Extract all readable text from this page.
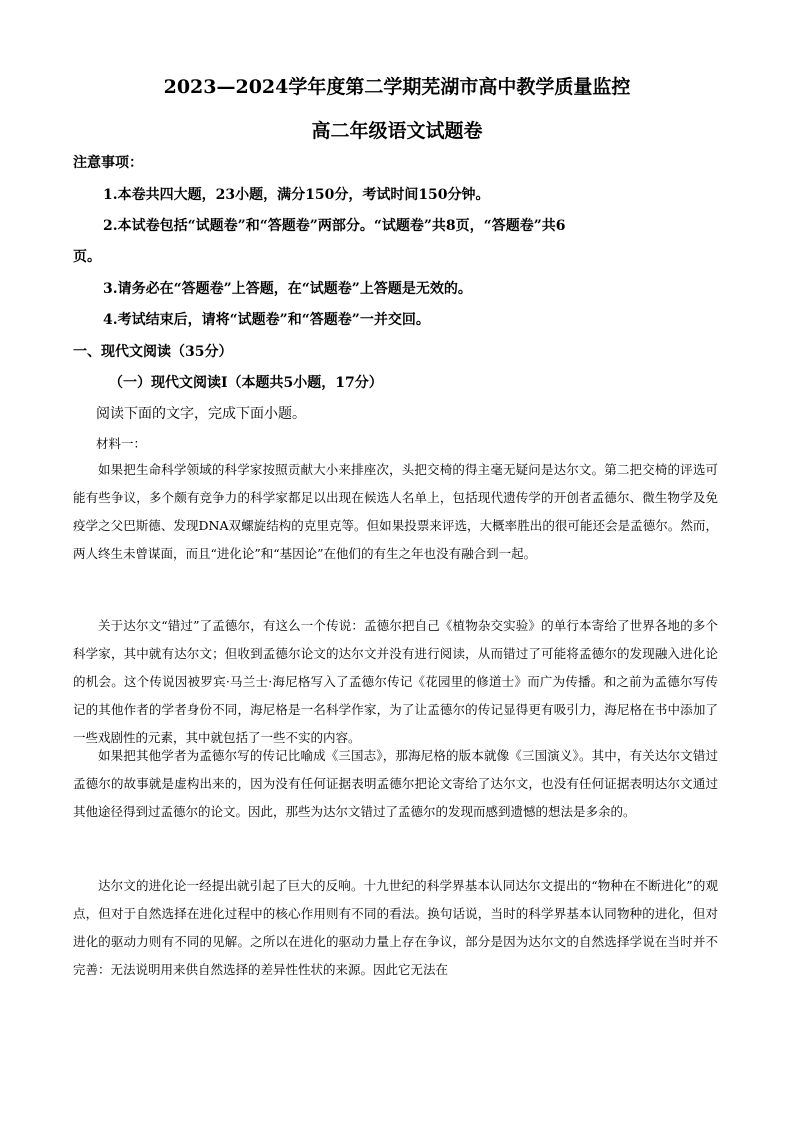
2023—2024学年度第二学期芜湖市高中教学质量监控
高二年级语文试题卷
注意事项：
1.本卷共四大题，23小题，满分150分，考试时间150分钟。
2.本试卷包括“试题卷”和“答题卷”两部分。“试题卷”共8页，“答题卷”共6
页。
3.请务必在“答题卷”上答题，在“试题卷”上答题是无效的。
4.考试结束后，请将“试题卷”和“答题卷”一并交回。
一、现代文阅读（35分）
（一）现代文阅读Ⅰ（本题共5小题，17分）
阅读下面的文字，完成下面小题。
材料一：

如果把生命科学领域的科学家按照贡献大小来排座次，头把交椅的得主毫无疑问是达尔文。第二把交椅的评选可能有些争议，多个颇有竞争力的科学家都足以出现在候选人名单上，包括现代遗传学的开创者孟德尔、微生物学及免疫学之父巴斯德、发现DNA双螺旋结构的克里克等。但如果投票来评选，大概率胜出的很可能还会是孟德尔。然而，两人终生未曾谋面，而且“进化论”和“基因论”在他们的有生之年也没有融合到一起。

关于达尔文“错过”了孟德尔，有这么一个传说：孟德尔把自己《植物杂交实验》的单行本寄给了世界各地的多个科学家，其中就有达尔文；但收到孟德尔论文的达尔文并没有进行阅读，从而错过了可能将孟德尔的发现融入进化论的机会。这个传说因被罗宾·马兰士·海尼格写入了孟德尔传记《花园里的修道士》而广为传播。和之前为孟德尔写传记的其他作者的学者身份不同，海尼格是一名科学作家，为了让孟德尔的传记显得更有吸引力，海尼格在书中添加了一些戏剧性的元素，其中就包括了一些不实的内容。

如果把其他学者为孟德尔写的传记比喻成《三国志》，那海尼格的版本就像《三国演义》。其中，有关达尔文错过孟德尔的故事就是虚构出来的，因为没有任何证据表明孟德尔把论文寄给了达尔文，也没有任何证据表明达尔文通过其他途径得到过孟德尔的论文。因此，那些为达尔文错过了孟德尔的发现而感到遗憾的想法是多余的。

达尔文的进化论一经提出就引起了巨大的反响。十九世纪的科学界基本认同达尔文提出的“物种在不断进化”的观点，但对于自然选择在进化过程中的核心作用则有不同的看法。换句话说，当时的科学界基本认同物种的进化，但对进化的驱动力则有不同的见解。之所以在进化的驱动力量上存在争议，部分是因为达尔文的自然选择学说在当时并不完善：无法说明用来供自然选择的差异性性状的来源。因此它无法在
